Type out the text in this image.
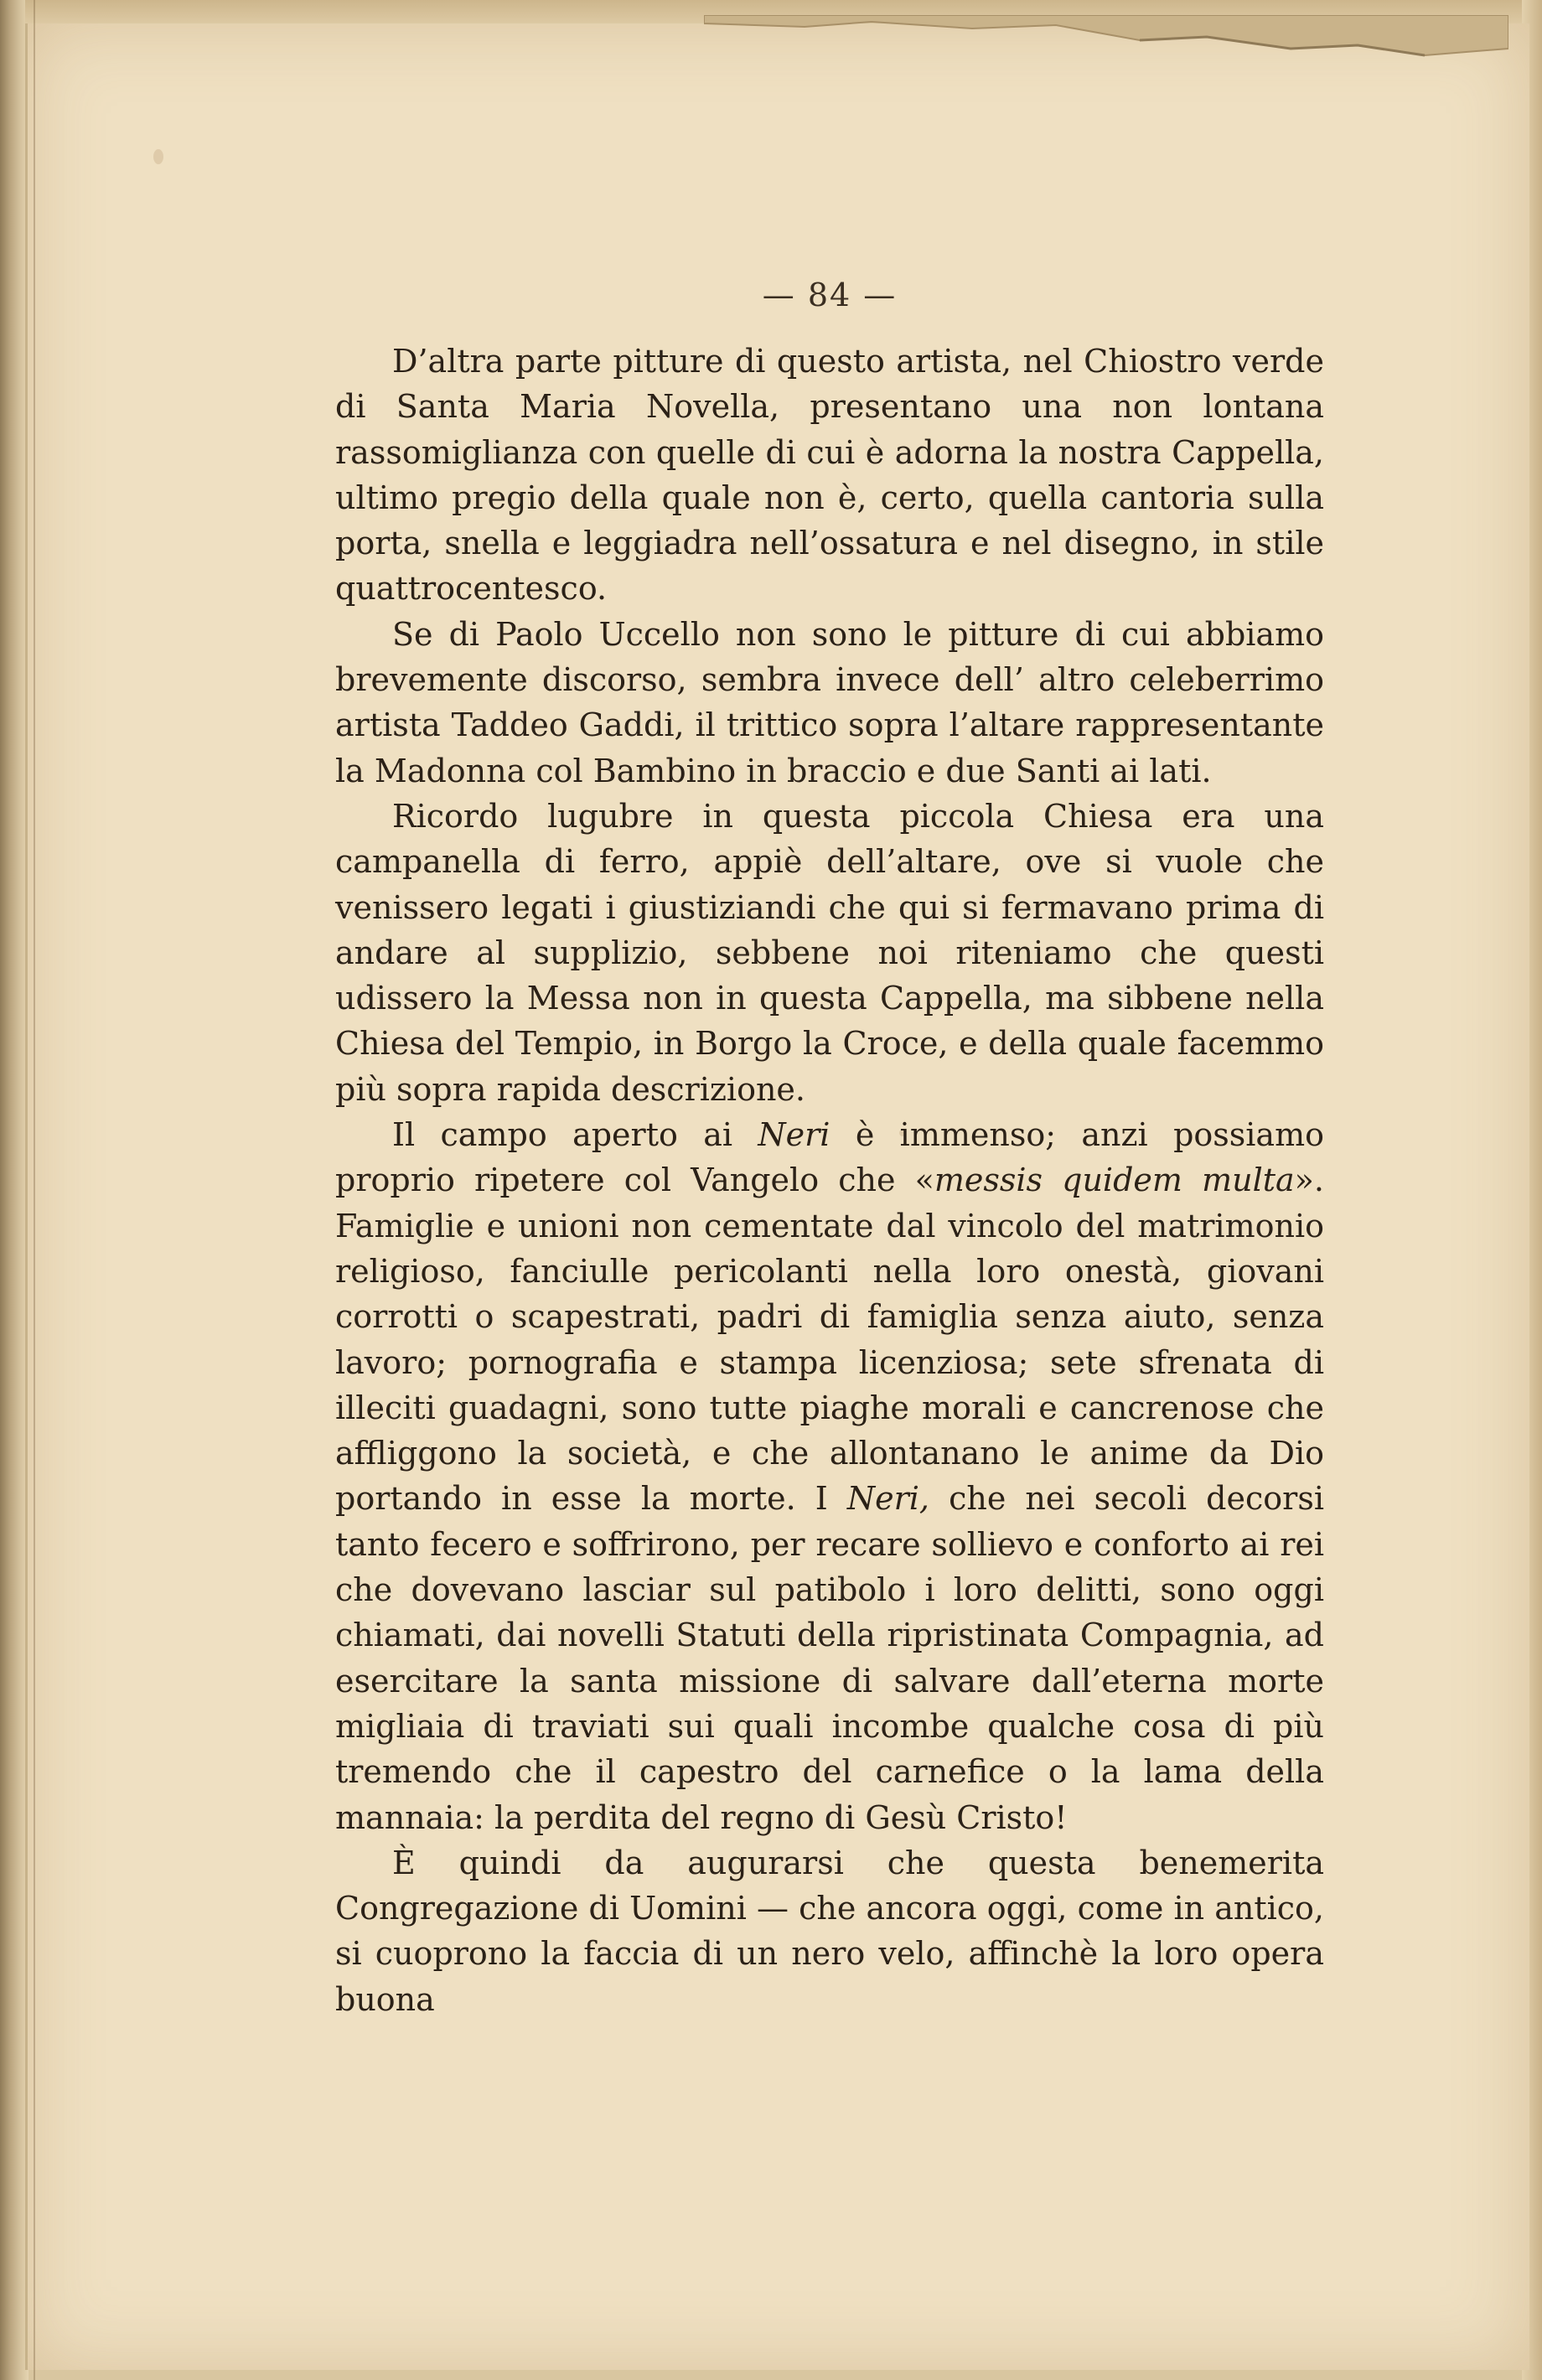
— 84 —

D’altra parte pitture di questo artista, nel Chiostro verde di Santa Maria Novella, presentano una non lontana rassomiglianza con quelle di cui è adorna la nostra Cappella, ultimo pregio della quale non è, certo, quella cantoria sulla porta, snella e leggiadra nell’ossatura e nel disegno, in stile quattrocentesco.

Se di Paolo Uccello non sono le pitture di cui abbiamo brevemente discorso, sembra invece dell’ altro celeberrimo artista Taddeo Gaddi, il trittico sopra l’altare rappresentante la Madonna col Bambino in braccio e due Santi ai lati.

Ricordo lugubre in questa piccola Chiesa era una campanella di ferro, appiè dell’altare, ove si vuole che venissero legati i giustiziandi che qui si fermavano prima di andare al supplizio, sebbene noi riteniamo che questi udissero la Messa non in questa Cappella, ma sibbene nella Chiesa del Tempio, in Borgo la Croce, e della quale facemmo più sopra rapida descrizione.

Il campo aperto ai Neri è immenso; anzi possiamo proprio ripetere col Vangelo che «messis quidem multa». Famiglie e unioni non cementate dal vincolo del matrimonio religioso, fanciulle pericolanti nella loro onestà, giovani corrotti o scapestrati, padri di famiglia senza aiuto, senza lavoro; pornografia e stampa licenziosa; sete sfrenata di illeciti guadagni, sono tutte piaghe morali e cancrenose che affliggono la società, e che allontanano le anime da Dio portando in esse la morte. I Neri, che nei secoli decorsi tanto fecero e soffrirono, per recare sollievo e conforto ai rei che dovevano lasciar sul patibolo i loro delitti, sono oggi chiamati, dai novelli Statuti della ripristinata Compagnia, ad esercitare la santa missione di salvare dall’eterna morte migliaia di traviati sui quali incombe qualche cosa di più tremendo che il capestro del carnefice o la lama della mannaia: la perdita del regno di Gesù Cristo!

È quindi da augurarsi che questa benemerita Congregazione di Uomini — che ancora oggi, come in antico, si cuoprono la faccia di un nero velo, affinchè la loro opera buona
